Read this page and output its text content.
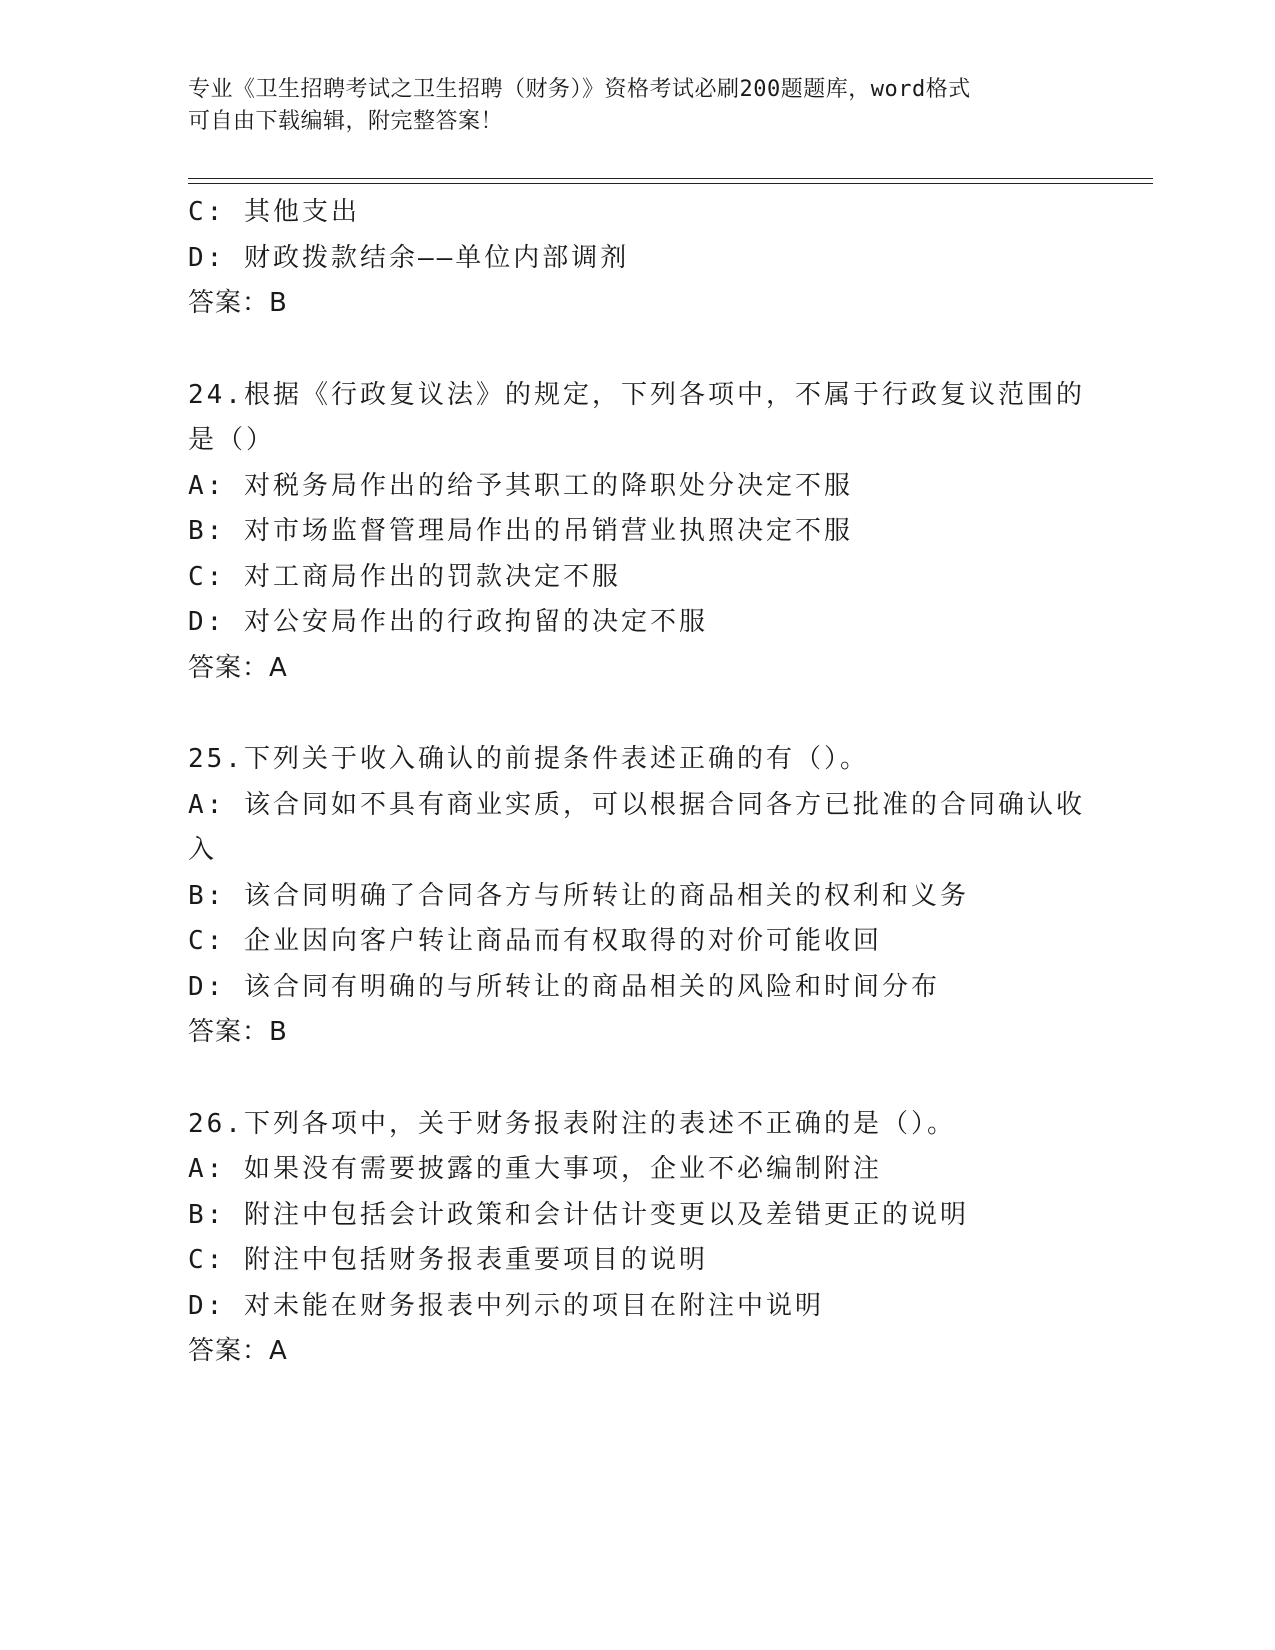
专业《卫生招聘考试之卫生招聘（财务）》资格考试必刷200题题库，word格式
可自由下载编辑，附完整答案！
C: 其他支出
D: 财政拨款结余——单位内部调剂
答案：B
24.根据《行政复议法》的规定，下列各项中，不属于行政复议范围的
是（）
A: 对税务局作出的给予其职工的降职处分决定不服
B: 对市场监督管理局作出的吊销营业执照决定不服
C: 对工商局作出的罚款决定不服
D: 对公安局作出的行政拘留的决定不服
答案：A
25.下列关于收入确认的前提条件表述正确的有（）。
A: 该合同如不具有商业实质，可以根据合同各方已批准的合同确认收
入
B: 该合同明确了合同各方与所转让的商品相关的权利和义务
C: 企业因向客户转让商品而有权取得的对价可能收回
D: 该合同有明确的与所转让的商品相关的风险和时间分布
答案：B
26.下列各项中，关于财务报表附注的表述不正确的是（）。
A: 如果没有需要披露的重大事项，企业不必编制附注
B: 附注中包括会计政策和会计估计变更以及差错更正的说明
C: 附注中包括财务报表重要项目的说明
D: 对未能在财务报表中列示的项目在附注中说明
答案：A
